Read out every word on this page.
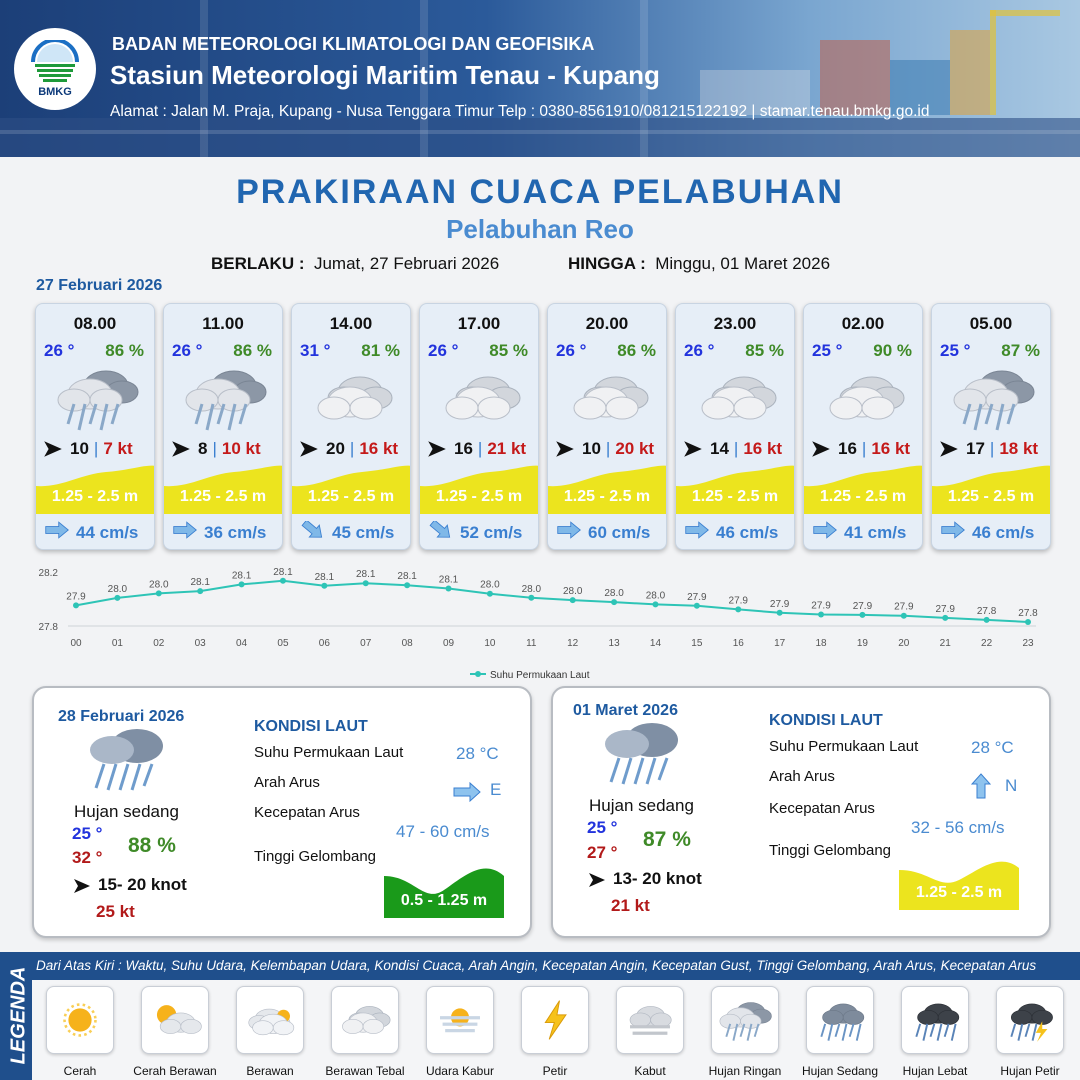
BMKG
BADAN METEOROLOGI KLIMATOLOGI DAN GEOFISIKA
Stasiun Meteorologi Maritim Tenau - Kupang
Alamat : Jalan M. Praja, Kupang - Nusa Tenggara Timur Telp : 0380-8561910/081215122192 | stamar.tenau.bmkg.go.id
PRAKIRAAN CUACA PELABUHAN
Pelabuhan Reo
BERLAKU : Jumat, 27 Februari 2026	HINGGA : Minggu, 01 Maret 2026
27 Februari 2026
08.00
26 ° 86 %
10 | 7 kt
1.25 - 2.5 m
44 cm/s
11.00
26 ° 86 %
8 | 10 kt
1.25 - 2.5 m
36 cm/s
14.00
31 ° 81 %
20 | 16 kt
1.25 - 2.5 m
45 cm/s
17.00
26 ° 85 %
16 | 21 kt
1.25 - 2.5 m
52 cm/s
20.00
26 ° 86 %
10 | 20 kt
1.25 - 2.5 m
60 cm/s
23.00
26 ° 85 %
14 | 16 kt
1.25 - 2.5 m
46 cm/s
02.00
25 ° 90 %
16 | 16 kt
1.25 - 2.5 m
41 cm/s
05.00
25 ° 87 %
17 | 18 kt
1.25 - 2.5 m
46 cm/s
28.2
27.8
27.9
00
28.0
01
28.0
02
28.1
03
28.1
04
28.1
05
28.1
06
28.1
07
28.1
08
28.1
09
28.0
10
28.0
11
28.0
12
28.0
13
28.0
14
27.9
15
27.9
16
27.9
17
27.9
18
27.9
19
27.9
20
27.9
21
27.8
22
27.8
23
Suhu Permukaan Laut
28 Februari 2026
Hujan sedang
25 °
32 °
88 %
15- 20 knot
25 kt
KONDISI LAUT
Suhu Permukaan Laut	28 °C
Arah Arus	E
Kecepatan Arus
47 - 60 cm/s
Tinggi Gelombang
0.5 - 1.25 m
01 Maret 2026
Hujan sedang
25 °
27 °
87 %
13- 20 knot
21 kt
KONDISI LAUT
Suhu Permukaan Laut	28 °C
Arah Arus	N
Kecepatan Arus
32 - 56 cm/s
Tinggi Gelombang
1.25 - 2.5 m
LEGENDA
Dari Atas Kiri : Waktu, Suhu Udara, Kelembapan Udara, Kondisi Cuaca, Arah Angin, Kecepatan Angin, Kecepatan Gust, Tinggi Gelombang, Arah Arus, Kecepatan Arus
Cerah	Cerah Berawan	Berawan	Berawan Tebal	Udara Kabur	Petir	Kabut	Hujan Ringan	Hujan Sedang	Hujan Lebat	Hujan Petir
